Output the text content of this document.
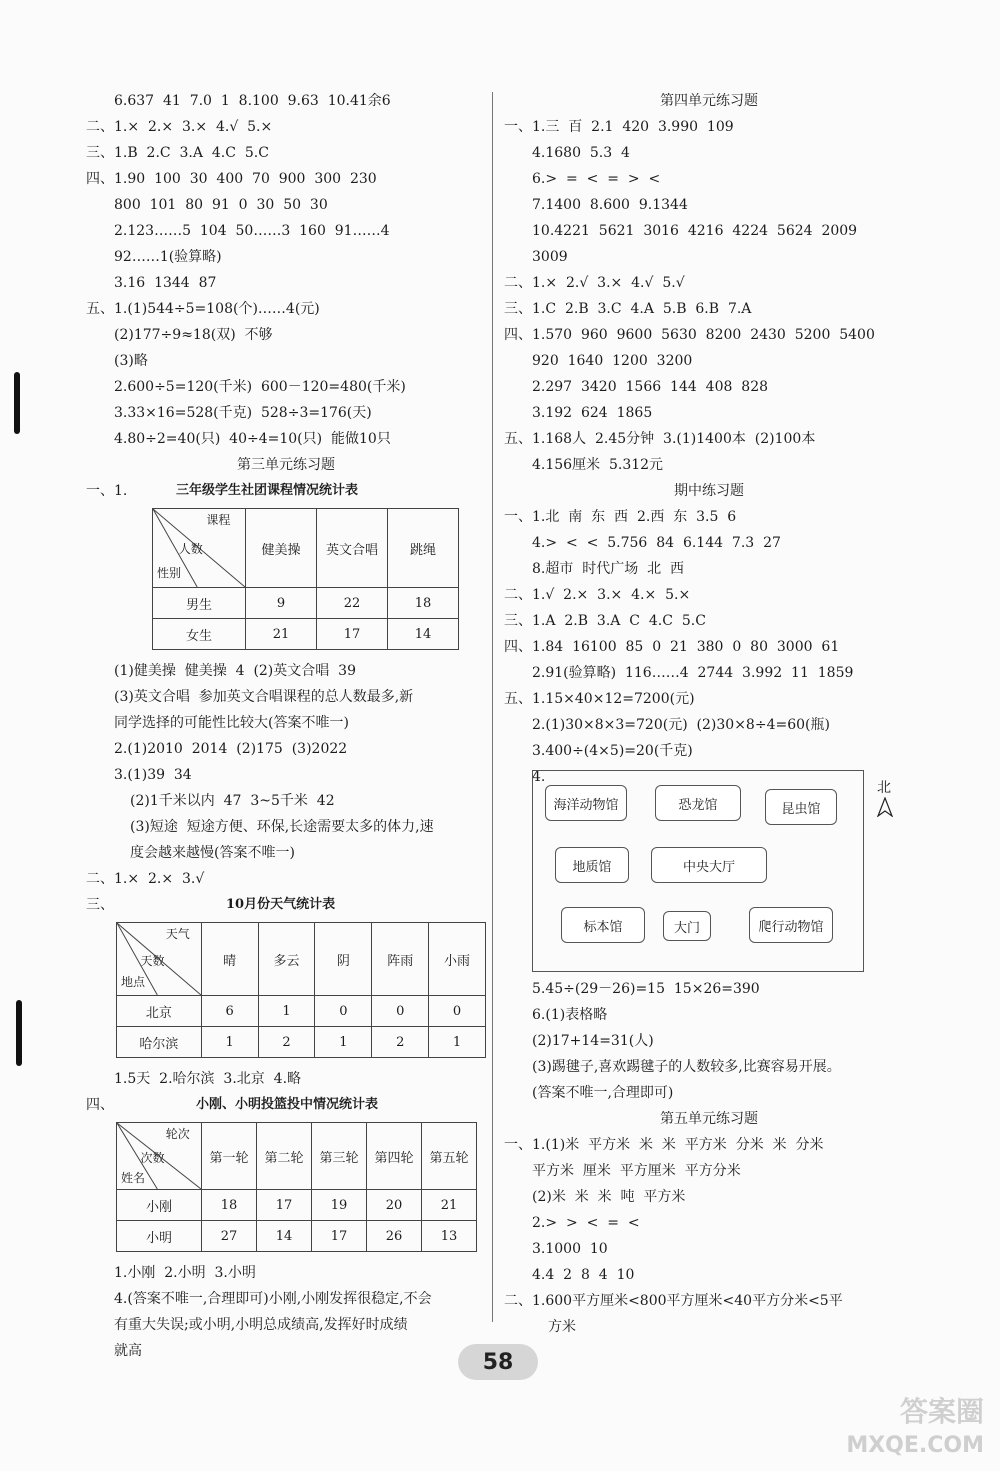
6.637  41  7.0  1  8.100  9.63  10.41余6
二、1.×  2.×  3.×  4.√  5.×
三、1.B  2.C  3.A  4.C  5.C
四、1.90  100  30  400  70  900  300  230
800  101  80  91  0  30  50  30
2.123……5  104  50……3  160  91……4
92……1(验算略)
3.16  1344  87
五、1.(1)544÷5=108(个)……4(元)
(2)177÷9≈18(双)  不够
(3)略
2.600÷5=120(千米)  600－120=480(千米)
3.33×16=528(千克)  528÷3=176(天)
4.80÷2=40(只)  40÷4=10(只)  能做10只
第三单元练习题
一、1.	三年级学生社团课程情况统计表
课程
人数
性别	健美操	英文合唱	跳绳
男生	9	22	18
女生	21	17	14
(1)健美操  健美操  4  (2)英文合唱  39
(3)英文合唱  参加英文合唱课程的总人数最多,新
同学选择的可能性比较大(答案不唯一)
2.(1)2010  2014  (2)175  (3)2022
3.(1)39  34
(2)1千米以内  47  3~5千米  42
(3)短途  短途方便、环保,长途需要太多的体力,速
度会越来越慢(答案不唯一)
二、1.×  2.×  3.√
三、	10月份天气统计表
天气
天数
地点	晴	多云	阴	阵雨	小雨
北京	6	1	0	0	0
哈尔滨	1	2	1	2	1
1.5天  2.哈尔滨  3.北京  4.略
四、	小刚、小明投篮投中情况统计表
轮次
次数
姓名	第一轮	第二轮	第三轮	第四轮	第五轮
小刚	18	17	19	20	21
小明	27	14	17	26	13
1.小刚  2.小明  3.小明
4.(答案不唯一,合理即可)小刚,小刚发挥很稳定,不会
有重大失误;或小明,小明总成绩高,发挥好时成绩
就高
第四单元练习题
一、1.三  百  2.1  420  3.990  109
4.1680  5.3  4
6.>  =  <  =  >  <
7.1400  8.600  9.1344
10.4221  5621  3016  4216  4224  5624  2009
3009
二、1.×  2.√  3.×  4.√  5.√
三、1.C  2.B  3.C  4.A  5.B  6.B  7.A
四、1.570  960  9600  5630  8200  2430  5200  5400
920  1640  1200  3200
2.297  3420  1566  144  408  828
3.192  624  1865
五、1.168人  2.45分钟  3.(1)1400本  (2)100本
4.156厘米  5.312元
期中练习题
一、1.北  南  东  西  2.西  东  3.5  6
4.>  <  <  5.756  84  6.144  7.3  27
8.超市  时代广场  北  西
二、1.√  2.×  3.×  4.×  5.×
三、1.A  2.B  3.A  C  4.C  5.C
四、1.84  16100  85  0  21  380  0  80  3000  61
2.91(验算略)  116……4  2744  3.992  11  1859
五、1.15×40×12=7200(元)
2.(1)30×8×3=720(元)  (2)30×8÷4=60(瓶)
3.400÷(4×5)=20(千克)
4.
海洋动物馆	恐龙馆	昆虫馆
地质馆	中央大厅
标本馆	大门	爬行动物馆
北
5.45÷(29－26)=15  15×26=390
6.(1)表格略
(2)17+14=31(人)
(3)踢毽子,喜欢踢毽子的人数较多,比赛容易开展。
(答案不唯一,合理即可)
第五单元练习题
一、1.(1)米  平方米  米  米  平方米  分米  米  分米
平方米  厘米  平方厘米  平方分米
(2)米  米  米  吨  平方米
2.>  >  <  =  <
3.1000  10
4.4  2  8  4  10
二、1.600平方厘米<800平方厘米<40平方分米<5平
方米
58
答案圈
MXQE.COM
